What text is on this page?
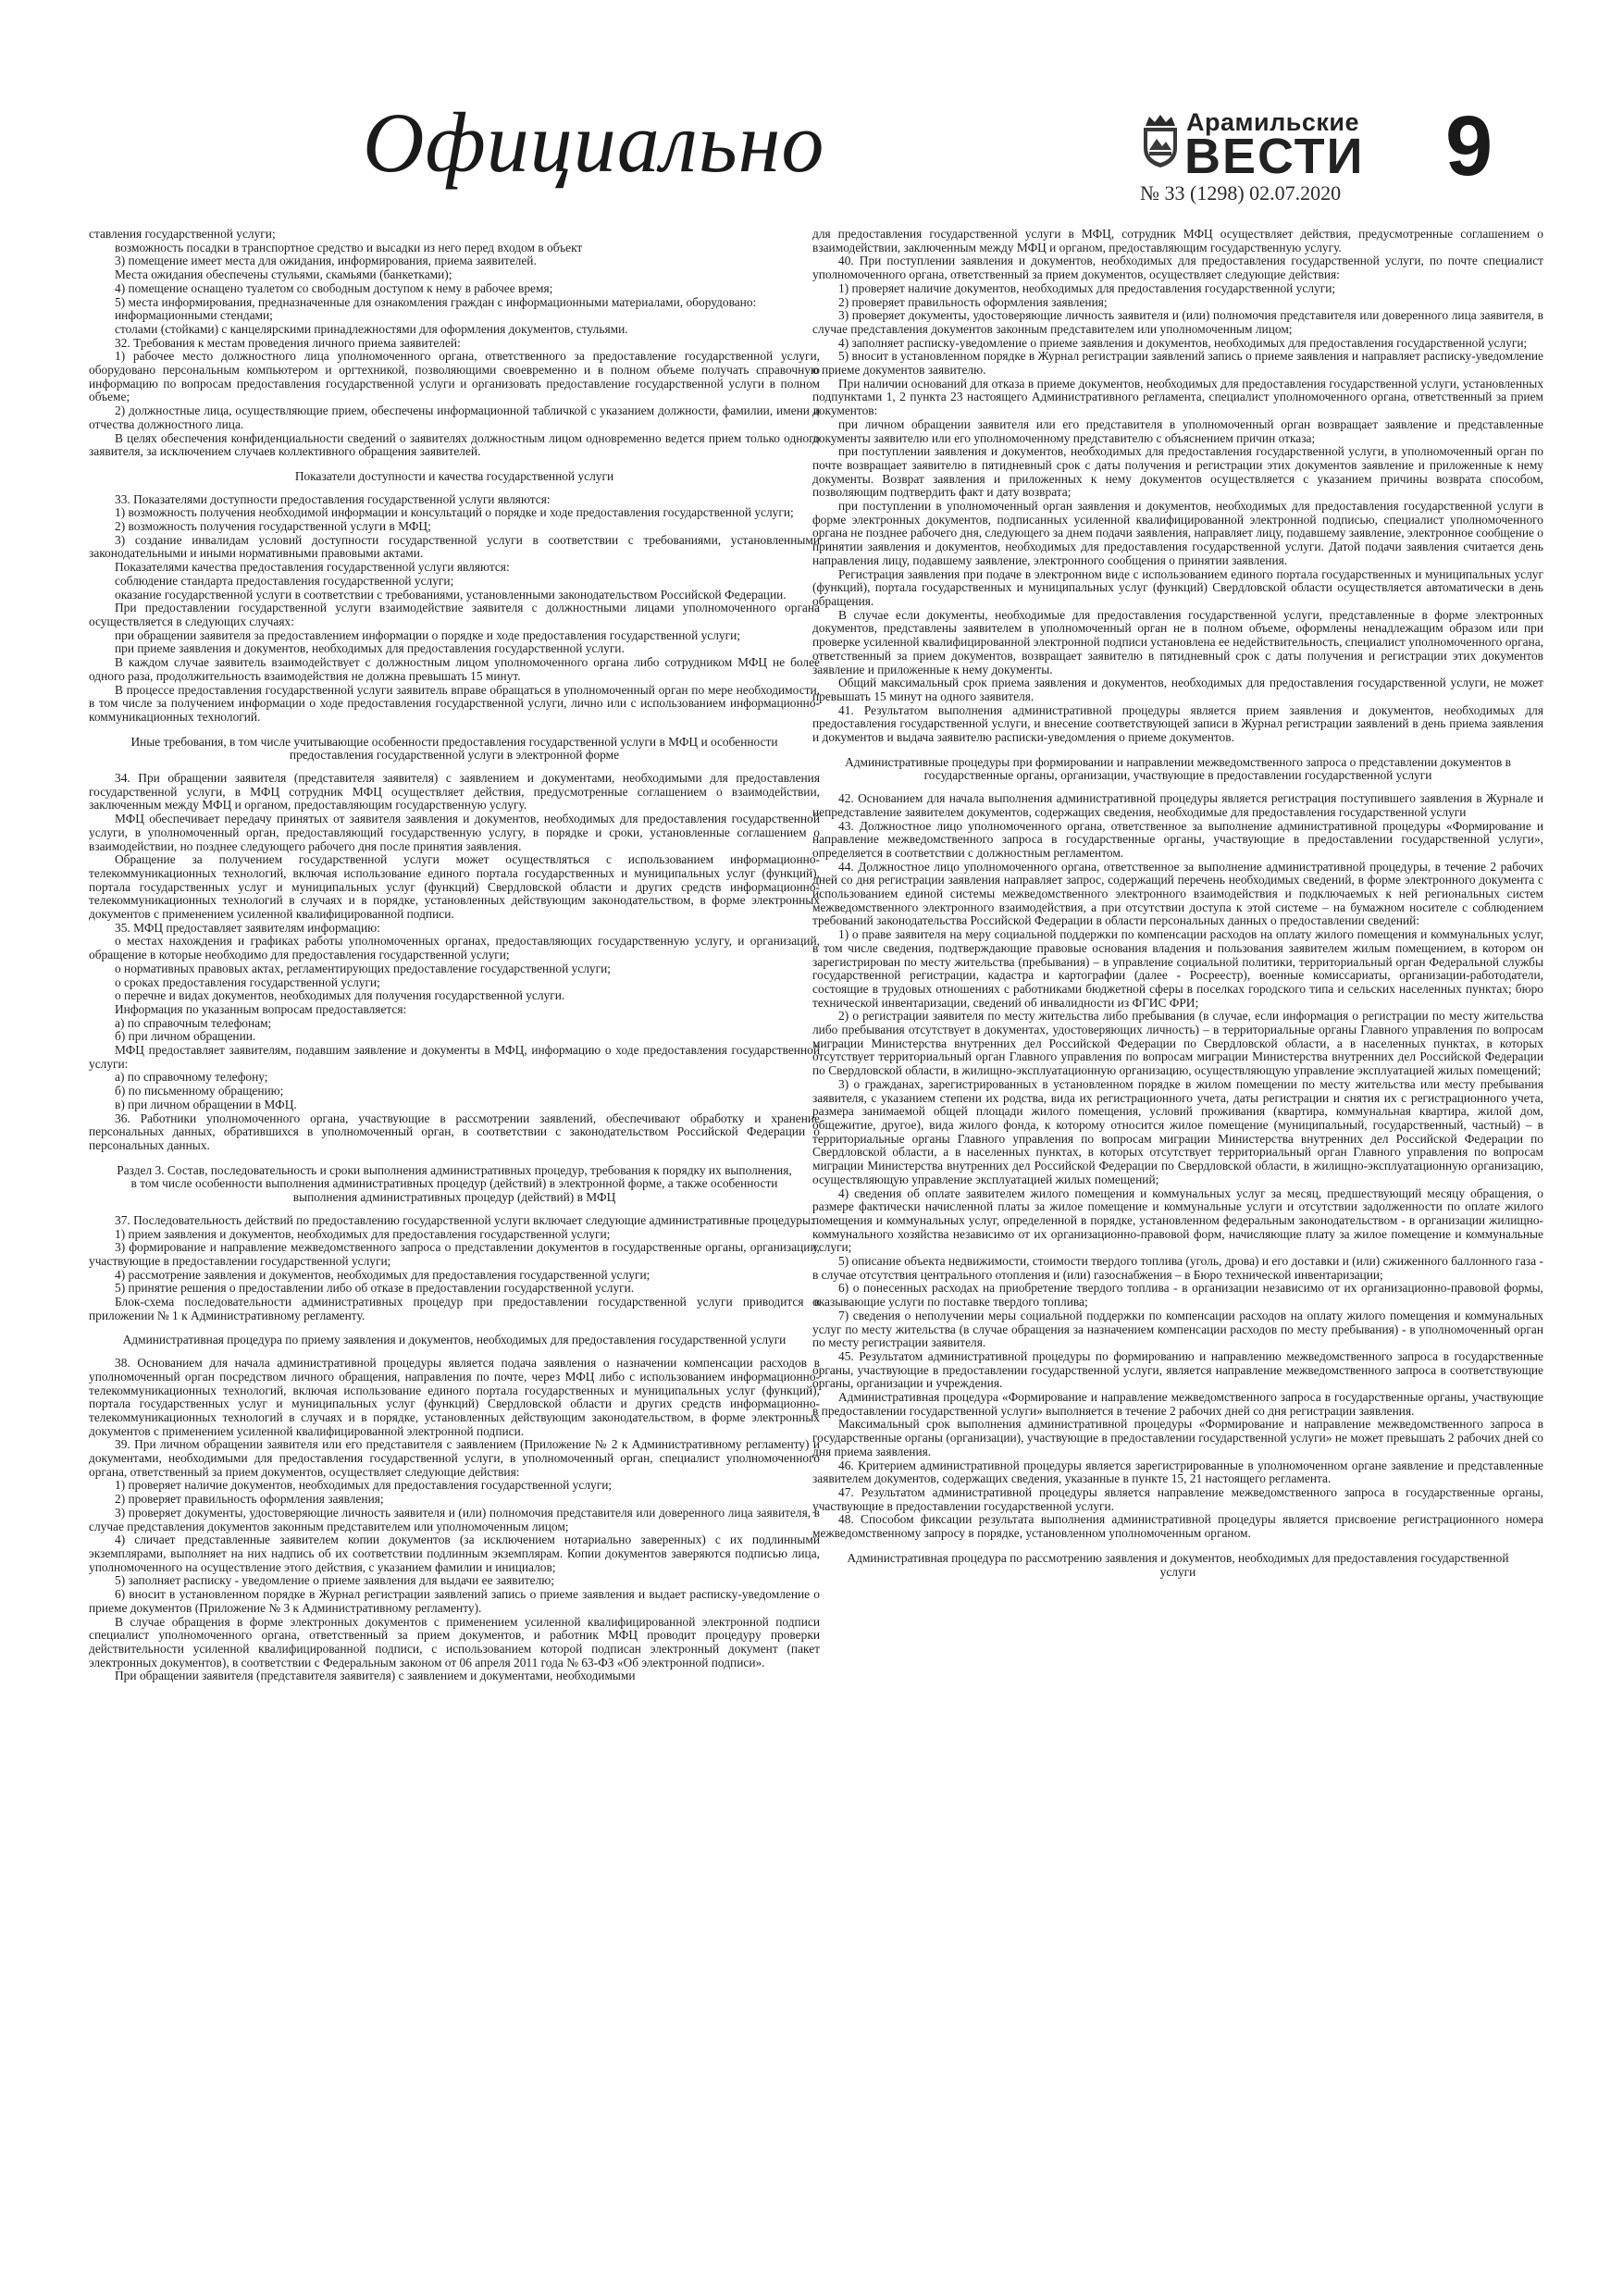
Официально	Арамильские
ВЕСТИ
№ 33 (1298) 02.07.2020 9

ставления государственной услуги;

возможность посадки в транспортное средство и высадки из него перед входом в объект

3) помещение имеет места для ожидания, информирования, приема заявителей.

Места ожидания обеспечены стульями, скамьями (банкетками);

4) помещение оснащено туалетом со свободным доступом к нему в рабочее время;

5) места информирования, предназначенные для ознакомления граждан с информационными материалами, оборудовано:

информационными стендами;

столами (стойками) с канцелярскими принадлежностями для оформления документов, стульями.

32. Требования к местам проведения личного приема заявителей:

1) рабочее место должностного лица уполномоченного органа, ответственного за предоставление государственной услуги, оборудовано персональным компьютером и оргтехникой, позволяющими своевременно и в полном объеме получать справочную информацию по вопросам предоставления государственной услуги и организовать предоставление государственной услуги в полном объеме;

2) должностные лица, осуществляющие прием, обеспечены информационной табличкой с указанием должности, фамилии, имени и отчества должностного лица.

В целях обеспечения конфиденциальности сведений о заявителях должностным лицом одновременно ведется прием только одного заявителя, за исключением случаев коллективного обращения заявителей.

Показатели доступности и качества государственной услуги

33. Показателями доступности предоставления государственной услуги являются:

1) возможность получения необходимой информации и консультаций о порядке и ходе предоставления государственной услуги;

2) возможность получения государственной услуги в МФЦ;

3) создание инвалидам условий доступности государственной услуги в соответствии с требованиями, установленными законодательными и иными нормативными правовыми актами.

Показателями качества предоставления государственной услуги являются:

соблюдение стандарта предоставления государственной услуги;

оказание государственной услуги в соответствии с требованиями, установленными законодательством Российской Федерации.

При предоставлении государственной услуги взаимодействие заявителя с должностными лицами уполномоченного органа осуществляется в следующих случаях:

при обращении заявителя за предоставлением информации о порядке и ходе предоставления государственной услуги;

при приеме заявления и документов, необходимых для предоставления государственной услуги.

В каждом случае заявитель взаимодействует с должностным лицом уполномоченного органа либо сотрудником МФЦ не более одного раза, продолжительность взаимодействия не должна превышать 15 минут.

В процессе предоставления государственной услуги заявитель вправе обращаться в уполномоченный орган по мере необходимости, в том числе за получением информации о ходе предоставления государственной услуги, лично или с использованием информационно-коммуникационных технологий.

Иные требования, в том числе учитывающие особенности предоставления государственной услуги в МФЦ и особенности предоставления государственной услуги в электронной форме

34. При обращении заявителя (представителя заявителя) с заявлением и документами, необходимыми для предоставления государственной услуги, в МФЦ сотрудник МФЦ осуществляет действия, предусмотренные соглашением о взаимодействии, заключенным между МФЦ и органом, предоставляющим государственную услугу.

МФЦ обеспечивает передачу принятых от заявителя заявления и документов, необходимых для предоставления государственной услуги, в уполномоченный орган, предоставляющий государственную услугу, в порядке и сроки, установленные соглашением о взаимодействии, но позднее следующего рабочего дня после принятия заявления.

Обращение за получением государственной услуги может осуществляться с использованием информационно-телекоммуникационных технологий, включая использование единого портала государственных и муниципальных услуг (функций), портала государственных услуг и муниципальных услуг (функций) Свердловской области и других средств информационно-телекоммуникационных технологий в случаях и в порядке, установленных действующим законодательством, в форме электронных документов с применением усиленной квалифицированной подписи.

35. МФЦ предоставляет заявителям информацию:

о местах нахождения и графиках работы уполномоченных органах, предоставляющих государственную услугу, и организаций, обращение в которые необходимо для предоставления государственной услуги;

о нормативных правовых актах, регламентирующих предоставление государственной услуги;

о сроках предоставления государственной услуги;

о перечне и видах документов, необходимых для получения государственной услуги.

Информация по указанным вопросам предоставляется:

а) по справочным телефонам;

б) при личном обращении.

МФЦ предоставляет заявителям, подавшим заявление и документы в МФЦ, информацию о ходе предоставления государственной услуги:

а) по справочному телефону;

б) по письменному обращению;

в) при личном обращении в МФЦ.

36. Работники уполномоченного органа, участвующие в рассмотрении заявлений, обеспечивают обработку и хранение персональных данных, обратившихся в уполномоченный орган, в соответствии с законодательством Российской Федерации о персональных данных.

Раздел 3. Состав, последовательность и сроки выполнения административных процедур, требования к порядку их выполнения, в том числе особенности выполнения административных процедур (действий) в электронной форме, а также особенности выполнения административных процедур (действий) в МФЦ

37. Последовательность действий по предоставлению государственной услуги включает следующие административные процедуры:

1) прием заявления и документов, необходимых для предоставления государственной услуги;

3) формирование и направление межведомственного запроса о представлении документов в государственные органы, организации, участвующие в предоставлении государственной услуги;

4) рассмотрение заявления и документов, необходимых для предоставления государственной услуги;

5) принятие решения о предоставлении либо об отказе в предоставлении государственной услуги.

Блок-схема последовательности административных процедур при предоставлении государственной услуги приводится в приложении № 1 к Административному регламенту.

Административная процедура по приему заявления и документов, необходимых для предоставления государственной услуги

38. Основанием для начала административной процедуры является подача заявления о назначении компенсации расходов в уполномоченный орган посредством личного обращения, направления по почте, через МФЦ либо с использованием информационно-телекоммуникационных технологий, включая использование единого портала государственных и муниципальных услуг (функций), портала государственных услуг и муниципальных услуг (функций) Свердловской области и других средств информационно-телекоммуникационных технологий в случаях и в порядке, установленных действующим законодательством, в форме электронных документов с применением усиленной квалифицированной электронной подписи.

39. При личном обращении заявителя или его представителя с заявлением (Приложение № 2 к Административному регламенту) и документами, необходимыми для предоставления государственной услуги, в уполномоченный орган, специалист уполномоченного органа, ответственный за прием документов, осуществляет следующие действия:

1) проверяет наличие документов, необходимых для предоставления государственной услуги;

2) проверяет правильность оформления заявления;

3) проверяет документы, удостоверяющие личность заявителя и (или) полномочия представителя или доверенного лица заявителя, в случае представления документов законным представителем или уполномоченным лицом;

4) сличает представленные заявителем копии документов (за исключением нотариально заверенных) с их подлинными экземплярами, выполняет на них надпись об их соответствии подлинным экземплярам. Копии документов заверяются подписью лица, уполномоченного на осуществление этого действия, с указанием фамилии и инициалов;

5) заполняет расписку - уведомление о приеме заявления для выдачи ее заявителю;

6) вносит в установленном порядке в Журнал регистрации заявлений запись о приеме заявления и выдает расписку-уведомление о приеме документов (Приложение № 3 к Административному регламенту).

В случае обращения в форме электронных документов с применением усиленной квалифицированной электронной подписи специалист уполномоченного органа, ответственный за прием документов, и работник МФЦ проводит процедуру проверки действительности усиленной квалифицированной подписи, с использованием которой подписан электронный документ (пакет электронных документов), в соответствии с Федеральным законом от 06 апреля 2011 года № 63-ФЗ «Об электронной подписи».

При обращении заявителя (представителя заявителя) с заявлением и документами, необходимыми

для предоставления государственной услуги в МФЦ, сотрудник МФЦ осуществляет действия, предусмотренные соглашением о взаимодействии, заключенным между МФЦ и органом, предоставляющим государственную услугу.

40. При поступлении заявления и документов, необходимых для предоставления государственной услуги, по почте специалист уполномоченного органа, ответственный за прием документов, осуществляет следующие действия:

1) проверяет наличие документов, необходимых для предоставления государственной услуги;

2) проверяет правильность оформления заявления;

3) проверяет документы, удостоверяющие личность заявителя и (или) полномочия представителя или доверенного лица заявителя, в случае представления документов законным представителем или уполномоченным лицом;

4) заполняет расписку-уведомление о приеме заявления и документов, необходимых для предоставления государственной услуги;

5) вносит в установленном порядке в Журнал регистрации заявлений запись о приеме заявления и направляет расписку-уведомление о приеме документов заявителю.

При наличии оснований для отказа в приеме документов, необходимых для предоставления государственной услуги, установленных подпунктами 1, 2 пункта 23 настоящего Административного регламента, специалист уполномоченного органа, ответственный за прием документов:

при личном обращении заявителя или его представителя в уполномоченный орган возвращает заявление и представленные документы заявителю или его уполномоченному представителю с объяснением причин отказа;

при поступлении заявления и документов, необходимых для предоставления государственной услуги, в уполномоченный орган по почте возвращает заявителю в пятидневный срок с даты получения и регистрации этих документов заявление и приложенные к нему документы. Возврат заявления и приложенных к нему документов осуществляется с указанием причины возврата способом, позволяющим подтвердить факт и дату возврата;

при поступлении в уполномоченный орган заявления и документов, необходимых для предоставления государственной услуги в форме электронных документов, подписанных усиленной квалифицированной электронной подписью, специалист уполномоченного органа не позднее рабочего дня, следующего за днем подачи заявления, направляет лицу, подавшему заявление, электронное сообщение о принятии заявления и документов, необходимых для предоставления государственной услуги. Датой подачи заявления считается день направления лицу, подавшему заявление, электронного сообщения о принятии заявления.

Регистрация заявления при подаче в электронном виде с использованием единого портала государственных и муниципальных услуг (функций), портала государственных и муниципальных услуг (функций) Свердловской области осуществляется автоматически в день обращения.

В случае если документы, необходимые для предоставления государственной услуги, представленные в форме электронных документов, представлены заявителем в уполномоченный орган не в полном объеме, оформлены ненадлежащим образом или при проверке усиленной квалифицированной электронной подписи установлена ее недействительность, специалист уполномоченного органа, ответственный за прием документов, возвращает заявителю в пятидневный срок с даты получения и регистрации этих документов заявление и приложенные к нему документы.

Общий максимальный срок приема заявления и документов, необходимых для предоставления государственной услуги, не может превышать 15 минут на одного заявителя.

41. Результатом выполнения административной процедуры является прием заявления и документов, необходимых для предоставления государственной услуги, и внесение соответствующей записи в Журнал регистрации заявлений в день приема заявления и документов и выдача заявителю расписки-уведомления о приеме документов.

Административные процедуры при формировании и направлении межведомственного запроса о представлении документов в государственные органы, организации, участвующие в предоставлении государственной услуги

42. Основанием для начала выполнения административной процедуры является регистрация поступившего заявления в Журнале и непредставление заявителем документов, содержащих сведения, необходимые для предоставления государственной услуги

43. Должностное лицо уполномоченного органа, ответственное за выполнение административной процедуры «Формирование и направление межведомственного запроса в государственные органы, участвующие в предоставлении государственной услуги», определяется в соответствии с должностным регламентом.

44. Должностное лицо уполномоченного органа, ответственное за выполнение административной процедуры, в течение 2 рабочих дней со дня регистрации заявления направляет запрос, содержащий перечень необходимых сведений, в форме электронного документа с использованием единой системы межведомственного электронного взаимодействия и подключаемых к ней региональных систем межведомственного электронного взаимодействия, а при отсутствии доступа к этой системе – на бумажном носителе с соблюдением требований законодательства Российской Федерации в области персональных данных о предоставлении сведений:

1) о праве заявителя на меру социальной поддержки по компенсации расходов на оплату жилого помещения и коммунальных услуг, в том числе сведения, подтверждающие правовые основания владения и пользования заявителем жилым помещением, в котором он зарегистрирован по месту жительства (пребывания) – в управление социальной политики, территориальный орган Федеральной службы государственной регистрации, кадастра и картографии (далее - Росреестр), военные комиссариаты, организации-работодатели, состоящие в трудовых отношениях с работниками бюджетной сферы в поселках городского типа и сельских населенных пунктах; бюро технической инвентаризации, сведений об инвалидности из ФГИС ФРИ;

2) о регистрации заявителя по месту жительства либо пребывания (в случае, если информация о регистрации по месту жительства либо пребывания отсутствует в документах, удостоверяющих личность) – в территориальные органы Главного управления по вопросам миграции Министерства внутренних дел Российской Федерации по Свердловской области, а в населенных пунктах, в которых отсутствует территориальный орган Главного управления по вопросам миграции Министерства внутренних дел Российской Федерации по Свердловской области, в жилищно-эксплуатационную организацию, осуществляющую управление эксплуатацией жилых помещений;

3) о гражданах, зарегистрированных в установленном порядке в жилом помещении по месту жительства или месту пребывания заявителя, с указанием степени их родства, вида их регистрационного учета, даты регистрации и снятия их с регистрационного учета, размера занимаемой общей площади жилого помещения, условий проживания (квартира, коммунальная квартира, жилой дом, общежитие, другое), вида жилого фонда, к которому относится жилое помещение (муниципальный, государственный, частный) – в территориальные органы Главного управления по вопросам миграции Министерства внутренних дел Российской Федерации по Свердловской области, а в населенных пунктах, в которых отсутствует территориальный орган Главного управления по вопросам миграции Министерства внутренних дел Российской Федерации по Свердловской области, в жилищно-эксплуатационную организацию, осуществляющую управление эксплуатацией жилых помещений;

4) сведения об оплате заявителем жилого помещения и коммунальных услуг за месяц, предшествующий месяцу обращения, о размере фактически начисленной платы за жилое помещение и коммунальные услуги и отсутствии задолженности по оплате жилого помещения и коммунальных услуг, определенной в порядке, установленном федеральным законодательством - в организации жилищно-коммунального хозяйства независимо от их организационно-правовой форм, начисляющие плату за жилое помещение и коммунальные услуги;

5) описание объекта недвижимости, стоимости твердого топлива (уголь, дрова) и его доставки и (или) сжиженного баллонного газа - в случае отсутствия центрального отопления и (или) газоснабжения – в Бюро технической инвентаризации;

6) о понесенных расходах на приобретение твердого топлива - в организации независимо от их организационно-правовой формы, оказывающие услуги по поставке твердого топлива;

7) сведения о неполучении меры социальной поддержки по компенсации расходов на оплату жилого помещения и коммунальных услуг по месту жительства (в случае обращения за назначением компенсации расходов по месту пребывания) - в уполномоченный орган по месту регистрации заявителя.

45. Результатом административной процедуры по формированию и направлению межведомственного запроса в государственные органы, участвующие в предоставлении государственной услуги, является направление межведомственного запроса в соответствующие органы, организации и учреждения.

Административная процедура «Формирование и направление межведомственного запроса в государственные органы, участвующие в предоставлении государственной услуги» выполняется в течение 2 рабочих дней со дня регистрации заявления.

Максимальный срок выполнения административной процедуры «Формирование и направление межведомственного запроса в государственные органы (организации), участвующие в предоставлении государственной услуги» не может превышать 2 рабочих дней со дня приема заявления.

46. Критерием административной процедуры является зарегистрированные в уполномоченном органе заявление и представленные заявителем документов, содержащих сведения, указанные в пункте 15, 21 настоящего регламента.

47. Результатом административной процедуры является направление межведомственного запроса в государственные органы, участвующие в предоставлении государственной услуги.

48. Способом фиксации результата выполнения административной процедуры является присвоение регистрационного номера межведомственному запросу в порядке, установленном уполномоченным органом.

Административная процедура по рассмотрению заявления и документов, необходимых для предоставления государственной услуги
